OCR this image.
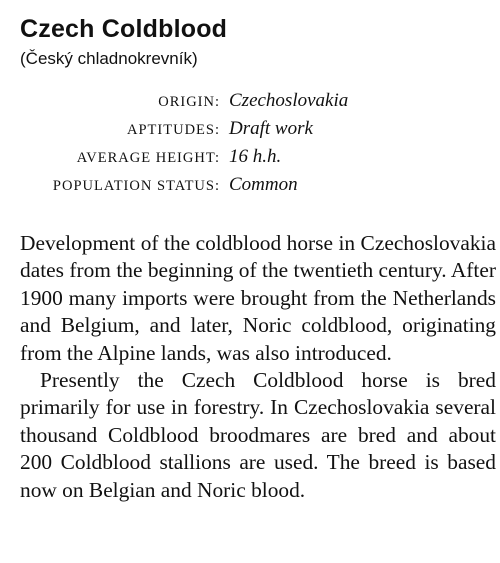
Czech Coldblood
(Český chladnokrevník)
ORIGIN: Czechoslovakia
APTITUDES: Draft work
AVERAGE HEIGHT: 16 h.h.
POPULATION STATUS: Common

Development of the coldblood horse in Czechoslovakia dates from the beginning of the twentieth century. After 1900 many imports were brought from the Netherlands and Belgium, and later, Noric coldblood, originating from the Alpine lands, was also introduced.

Presently the Czech Coldblood horse is bred primarily for use in forestry. In Czechoslovakia several thousand Coldblood broodmares are bred and about 200 Coldblood stallions are used. The breed is based now on Belgian and Noric blood.
